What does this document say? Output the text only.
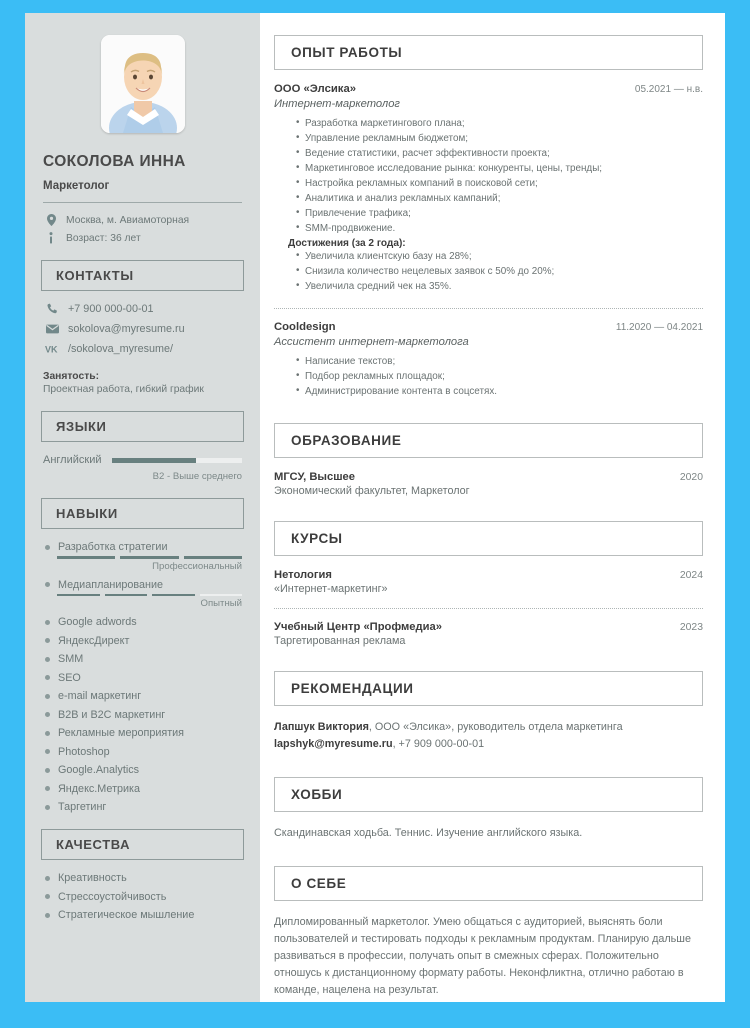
СОКОЛОВА ИННА
Маркетолог
Москва, м. Авиамоторная
Возраст: 36 лет
КОНТАКТЫ
+7 900 000-00-01
sokolova@myresume.ru
VK /sokolova_myresume/
Занятость:
Проектная работа, гибкий график
ЯЗЫКИ
Английский
B2 - Выше среднего
НАВЫКИ
Разработка стратегии
Профессиональный
Медиапланирование
Опытный
Google adwords
ЯндексДирект
SMM
SEO
e-mail маркетинг
B2B и B2C маркетинг
Рекламные мероприятия
Photoshop
Google.Analytics
Яндекс.Метрика
Таргетинг
КАЧЕСТВА
Креативность
Стрессоустойчивость
Стратегическое мышление
ОПЫТ РАБОТЫ
ООО «Элсика»	05.2021 — н.в.
Интернет-маркетолог
• Разработка маркетингового плана;
• Управление рекламным бюджетом;
• Ведение статистики, расчет эффективности проекта;
• Маркетинговое исследование рынка: конкуренты, цены, тренды;
• Настройка рекламных компаний в поисковой сети;
• Аналитика и анализ рекламных кампаний;
• Привлечение трафика;
• SMM-продвижение.
Достижения (за 2 года):
• Увеличила клиентскую базу на 28%;
• Снизила количество нецелевых заявок с 50% до 20%;
• Увеличила средний чек на 35%.
Cooldesign	11.2020 — 04.2021
Ассистент интернет-маркетолога
• Написание текстов;
• Подбор рекламных площадок;
• Администрирование контента в соцсетях.
ОБРАЗОВАНИЕ
МГСУ, Высшее	2020
Экономический факультет, Маркетолог
КУРСЫ
Нетология	2024
«Интернет-маркетинг»
Учебный Центр «Профмедиа»	2023
Таргетированная реклама
РЕКОМЕНДАЦИИ

Лапшук Виктория, ООО «Элсика», руководитель отдела маркетинга
lapshyk@myresume.ru, +7 909 000-00-01

ХОББИ

Скандинавская ходьба. Теннис. Изучение английского языка.

О СЕБЕ

Дипломированный маркетолог. Умею общаться с аудиторией, выяснять боли пользователей и тестировать подходы к рекламным продуктам. Планирую дальше развиваться в профессии, получать опыт в смежных сферах. Положительно отношусь к дистанционному формату работы. Неконфликтна, отлично работаю в команде, нацелена на результат.
